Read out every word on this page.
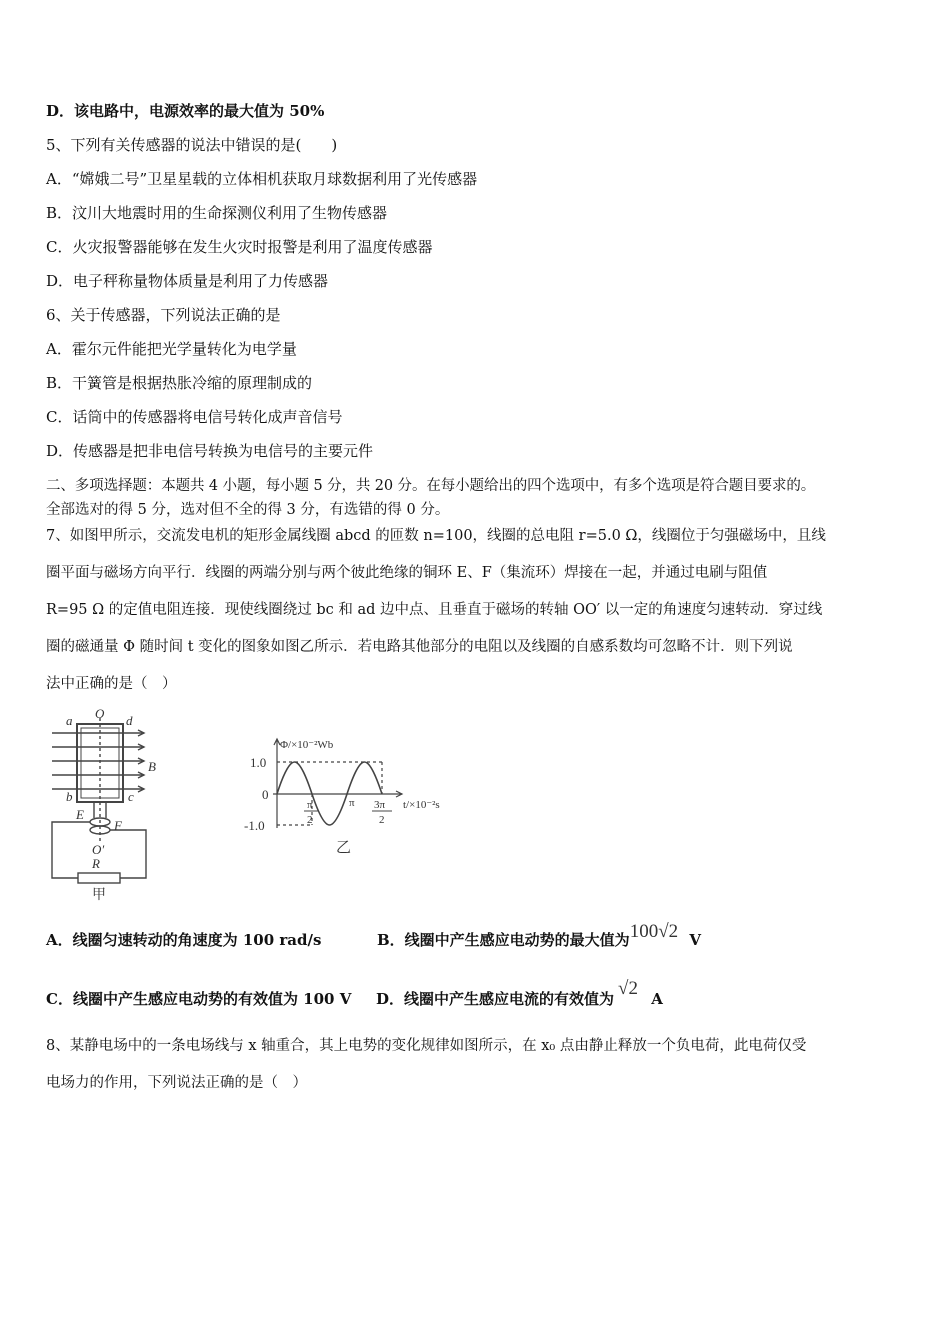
D．该电路中，电源效率的最大值为 50%
5、下列有关传感器的说法中错误的是(　　)
A．“嫦娥二号”卫星星载的立体相机获取月球数据利用了光传感器
B．汶川大地震时用的生命探测仪利用了生物传感器
C．火灾报警器能够在发生火灾时报警是利用了温度传感器
D．电子秤称量物体质量是利用了力传感器
6、关于传感器，下列说法正确的是
A．霍尔元件能把光学量转化为电学量
B．干簧管是根据热胀冷缩的原理制成的
C．话筒中的传感器将电信号转化成声音信号
D．传感器是把非电信号转换为电信号的主要元件
二、多项选择题：本题共 4 小题，每小题 5 分，共 20 分。在每小题给出的四个选项中，有多个选项是符合题目要求的。
全部选对的得 5 分，选对但不全的得 3 分，有选错的得 0 分。
7、如图甲所示，交流发电机的矩形金属线圈 abcd 的匝数 n=100，线圈的总电阻 r=5.0 Ω，线圈位于匀强磁场中，且线
圈平面与磁场方向平行．线圈的两端分别与两个彼此绝缘的铜环 E、F（集流环）焊接在一起，并通过电刷与阻值
R=95 Ω 的定值电阻连接．现使线圈绕过 bc 和 ad 边中点、且垂直于磁场的转轴 OO′ 以一定的角速度匀速转动．穿过线
圈的磁通量 Φ 随时间 t 变化的图象如图乙所示．若电路其他部分的电阻以及线圈的自感系数均可忽略不计．则下列说
法中正确的是（　）
a	d
O
B
b	c
E
F
O′
R
甲
Φ/×10⁻²Wb
t/×10⁻²s
1.0
0
-1.0
π
2
π 3π
2
乙
A．线圈匀速转动的角速度为 100 rad/s	B．线圈中产生感应电动势的最大值为100√2 V
C．线圈中产生感应电动势的有效值为 100 V D．线圈中产生感应电流的有效值为 √2 A
8、某静电场中的一条电场线与 x 轴重合，其上电势的变化规律如图所示，在 x₀ 点由静止释放一个负电荷，此电荷仅受
电场力的作用，下列说法正确的是（　）
